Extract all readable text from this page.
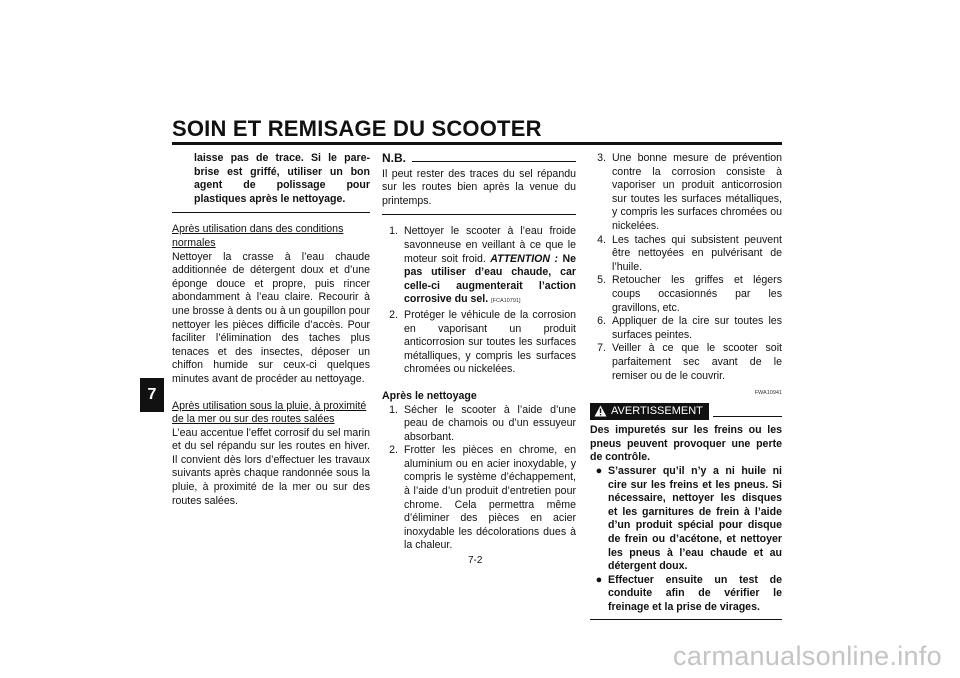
SOIN ET REMISAGE DU SCOOTER
7

laisse pas de trace. Si le pare-brise est griffé, utiliser un bon agent de polissage pour plastiques après le nettoyage.

Après utilisation dans des conditions normales

Nettoyer la crasse à l’eau chaude additionnée de détergent doux et d’une éponge douce et propre, puis rincer abondamment à l’eau claire. Recourir à une brosse à dents ou à un goupillon pour nettoyer les pièces difficile d’accès. Pour faciliter l’élimination des taches plus tenaces et des insectes, déposer un chiffon humide sur ceux-ci quelques minutes avant de procéder au nettoyage.

Après utilisation sous la pluie, à proximité de la mer ou sur des routes salées

L’eau accentue l’effet corrosif du sel marin et du sel répandu sur les routes en hiver. Il convient dès lors d’effectuer les travaux suivants après chaque randonnée sous la pluie, à proximité de la mer ou sur des routes salées.

N.B.

Il peut rester des traces du sel répandu sur les routes bien après la venue du printemps.

1. Nettoyer le scooter à l’eau froide savonneuse en veillant à ce que le moteur soit froid. ATTENTION : Ne pas utiliser d’eau chaude, car celle-ci augmenterait l’action corrosive du sel. [FCA10791]
2. Protéger le véhicule de la corrosion en vaporisant un produit anticorrosion sur toutes les surfaces métalliques, y compris les surfaces chromées ou nickelées.

Après le nettoyage

1. Sécher le scooter à l’aide d’une peau de chamois ou d’un essuyeur absorbant.
2. Frotter les pièces en chrome, en aluminium ou en acier inoxydable, y compris le système d’échappement, à l’aide d’un produit d’entretien pour chrome. Cela permettra même d’éliminer des pièces en acier inoxydable les décolorations dues à la chaleur.
3. Une bonne mesure de prévention contre la corrosion consiste à vaporiser un produit anticorrosion sur toutes les surfaces métalliques, y compris les surfaces chromées ou nickelées.
4. Les taches qui subsistent peuvent être nettoyées en pulvérisant de l’huile.
5. Retoucher les griffes et légers coups occasionnés par les gravillons, etc.
6. Appliquer de la cire sur toutes les surfaces peintes.
7. Veiller à ce que le scooter soit parfaitement sec avant de le remiser ou de le couvrir.
FWA10941
AVERTISSEMENT

Des impuretés sur les freins ou les pneus peuvent provoquer une perte de contrôle.

● S’assurer qu’il n’y a ni huile ni cire sur les freins et les pneus. Si nécessaire, nettoyer les disques et les garnitures de frein à l’aide d’un produit spécial pour disque de frein ou d’acétone, et nettoyer les pneus à l’eau chaude et au détergent doux.
● Effectuer ensuite un test de conduite afin de vérifier le freinage et la prise de virages.
7-2
carmanualsonline.info
